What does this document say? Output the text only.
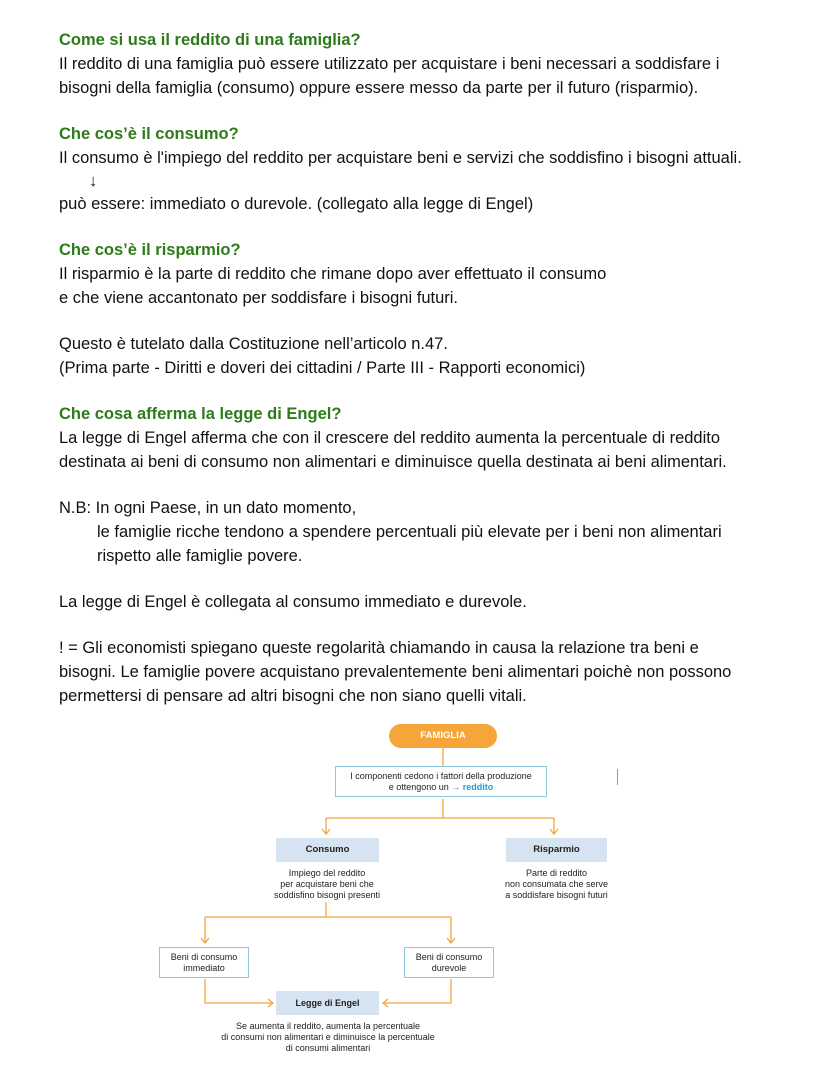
Come si usa il reddito di una famiglia?

Il reddito di una famiglia può essere utilizzato per acquistare i beni necessari a soddisfare i

bisogni della famiglia (consumo) oppure essere messo da parte per il futuro (risparmio).

Che cos’è il consumo?

Il consumo è l'impiego del reddito per acquistare beni e servizi che soddisfino i bisogni attuali.

↓

può essere: immediato o durevole. (collegato alla legge di Engel)

Che cos’è il risparmio?

Il risparmio è la parte di reddito che rimane dopo aver effettuato il consumo

e che viene accantonato per soddisfare i bisogni futuri.

Questo è tutelato dalla Costituzione nell’articolo n.47.

(Prima parte - Diritti e doveri dei cittadini / Parte III - Rapporti economici)

Che cosa afferma la legge di Engel?

La legge di Engel afferma che con il crescere del reddito aumenta la percentuale di reddito

destinata ai beni di consumo non alimentari e diminuisce quella destinata ai beni alimentari.

N.B: In ogni Paese, in un dato momento,

le famiglie ricche tendono a spendere percentuali più elevate per i beni non alimentari

rispetto alle famiglie povere.

La legge di Engel è collegata al consumo immediato e durevole.

! = Gli economisti spiegano queste regolarità chiamando in causa la relazione tra beni e

bisogni. Le famiglie povere acquistano prevalentemente beni alimentari poichè non possono

permettersi di pensare ad altri bisogni che non siano quelli vitali.

FAMIGLIA
I componenti cedono i fattori della produzione
e ottengono un → reddito
Consumo
Impiego del reddito
per acquistare beni che
soddisfino bisogni presenti
Risparmio
Parte di reddito
non consumata che serve
a soddisfare bisogni futuri
Beni di consumo
immediato
Beni di consumo
durevole
Legge di Engel
Se aumenta il reddito, aumenta la percentuale
di consumi non alimentari e diminuisce la percentuale
di consumi alimentari
